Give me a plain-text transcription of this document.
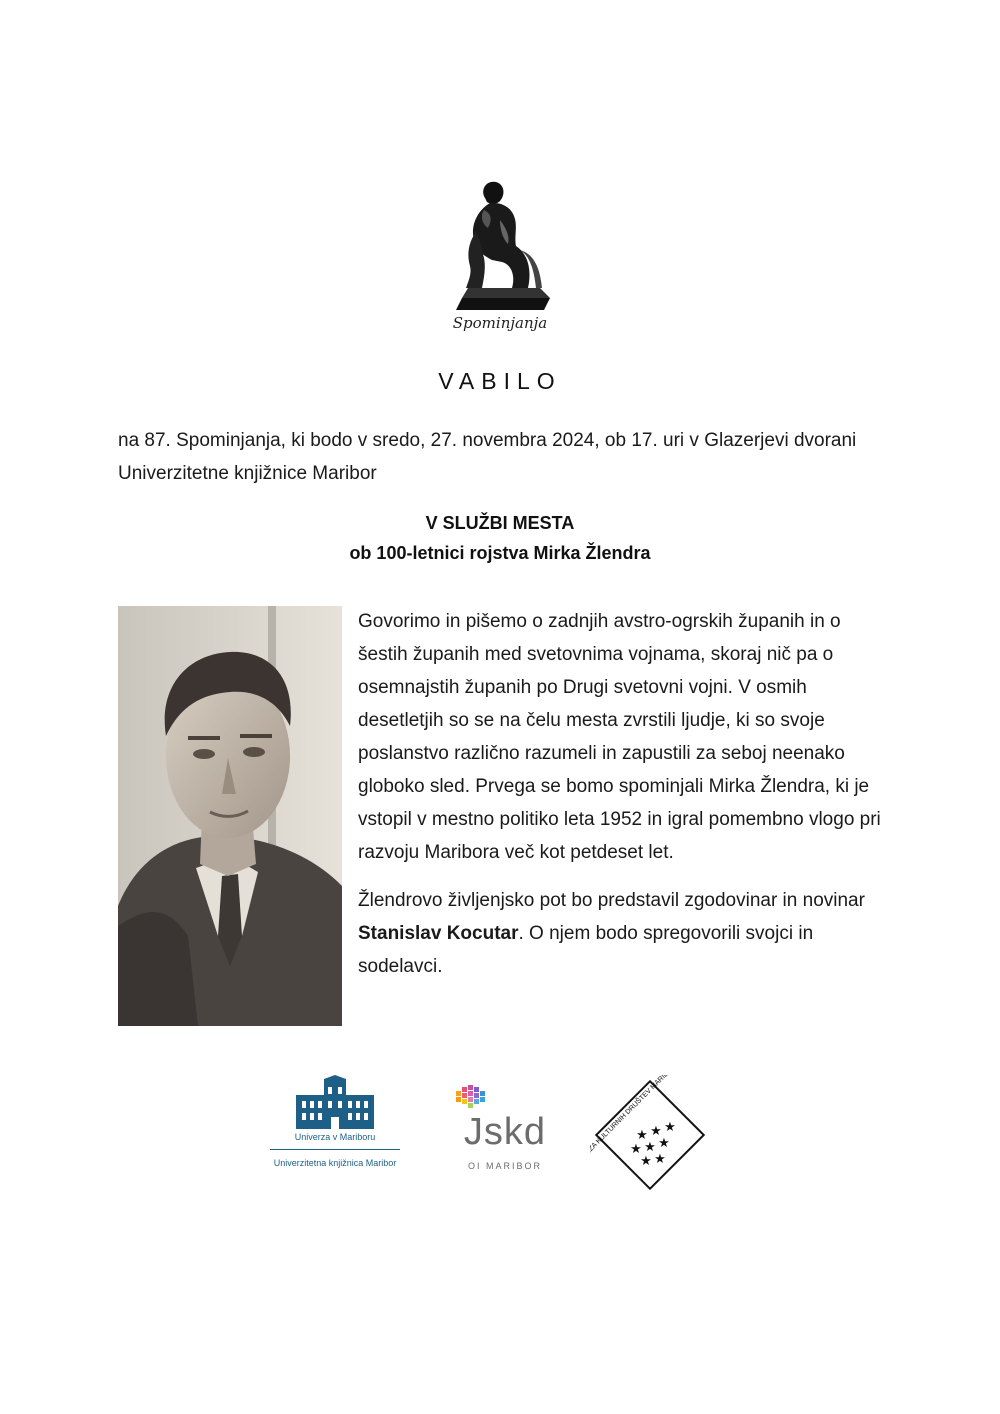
Spominjanja
VABILO
na 87. Spominjanja, ki bodo v sredo, 27. novembra 2024, ob 17. uri v Glazerjevi dvorani Univerzitetne knjižnice Maribor
V SLUŽBI MESTA
ob 100-letnici rojstva Mirka Žlendra

Govorimo in pišemo o zadnjih avstro-ogrskih županih in o šestih županih med svetovnima vojnama, skoraj nič pa o osemnajstih županih po Drugi svetovni vojni. V osmih desetletjih so se na čelu mesta zvrstili ljudje, ki so svoje poslanstvo različno razumeli in zapustili za seboj neenako globoko sled. Prvega se bomo spominjali Mirka Žlendra, ki je vstopil v mestno politiko leta 1952 in igral pomembno vlogo pri razvoju Maribora več kot petdeset let.

Žlendrovo življenjsko pot bo predstavil zgodovinar in novinar Stanislav Kocutar. O njem bodo spregovorili svojci in sodelavci.

Univerza v Mariboru
Univerzitetna knjižnica Maribor
Jskd
OI MARIBOR
ZVEZA KULTURNIH DRUŠTEV MARIBOR
★ ★ ★
★ ★ ★
★ ★
